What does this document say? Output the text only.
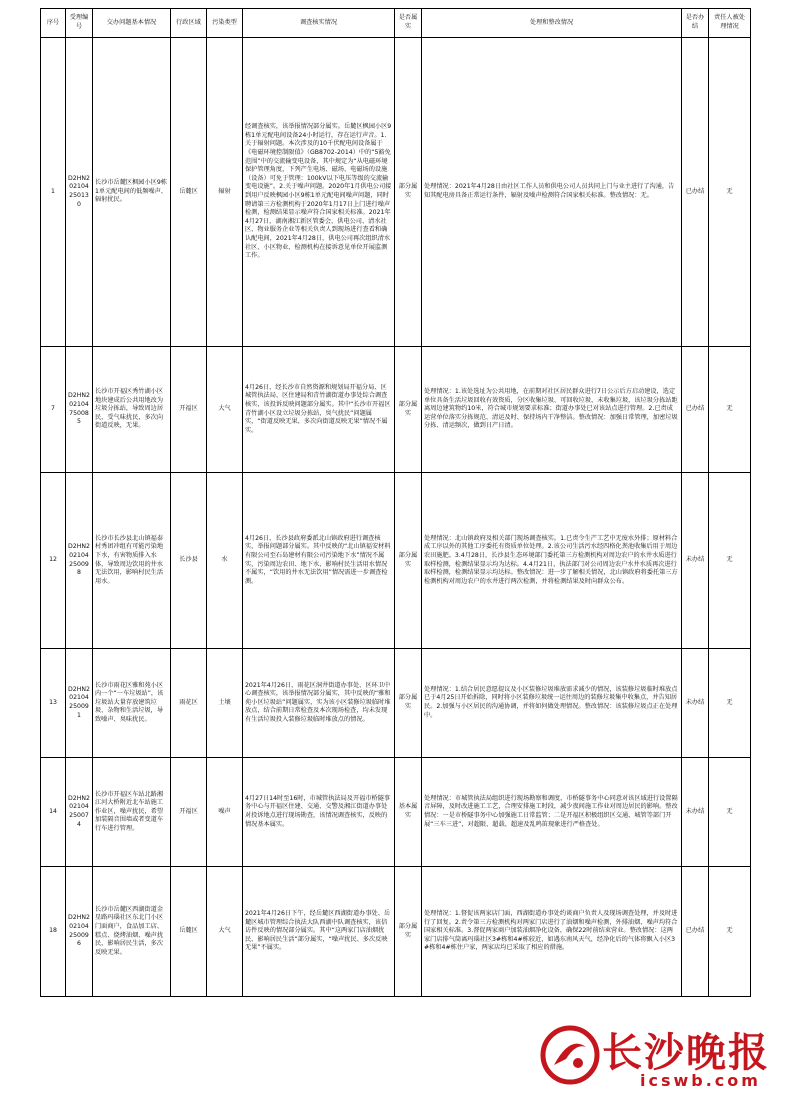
序号	受理编号	交办问题基本情况	行政区域	污染类型	调查核实情况	是否属实	处理和整改情况	是否办结	责任人被处理情况
1	D2HN202104250130	长沙市岳麓区枫园小区9栋1单元配电间的低频噪声、辐射扰民。	岳麓区	辐射	经调查核实，该举报情况部分属实。岳麓区枫园小区9栋1单元配电间设备24小时运行，存在运行声音。1.关于辐射问题。本次涉及的10千伏配电间设备属于《电磁环境控制限值》（GB8702-2014）中的“5豁免范围”中的交流输变电设备，其中规定为“从电磁环境保护管理角度，下列产生电场、磁场、电磁场的设施（设备）可免于管理：100kV以下电压等级的交流输变电设施”。2.关于噪声问题。2020年1月供电公司接到用户反映枫园小区9栋1单元配电间噪声问题，同时聘请第三方检测机构于2020年1月17日上门进行噪声检测，检测结果显示噪声符合国家相关标准。2021年4月27日，湖南湘江新区管委会、供电公司、清水社区、物业服务企业等相关负责人到现场进行查看和确认配电间，2021年4月28日，供电公司再次组织清水社区、小区物业、检测机构在接诉意见单位开展监测工作。	部分属实	处理情况：2021年4月28日由社区工作人员和供电公司人员共同上门与业主进行了沟通，告知其配电房具备正常运行条件，辐射及噪声检测符合国家相关标准。整改情况：无。	已办结	无
7	D2HN202104750085	长沙市开福区秀竹湖小区地块建成后公共用地改为垃圾分拣站，导致周边居民，受气味扰民，多次向街道反映，无果。	开福区	大气	4月26日，经长沙市自然资源和规划局开福分局、区城管执法局、区住建局和青竹湖街道办事处综合调查核实，该投诉反映问题部分属实。其中“长沙市开福区青竹湖小区设立垃圾分拣站，臭气扰民”问题属实，“街道反映无果，多次向街道反映无果”情况不属实。	部分属实	处理情况：1.该处选址为公共用地，在前期对社区居民群众进行7日公示后方启动建设，选定单位具备生活垃圾回收有效资质，分区收集垃圾、可回收垃圾、未收集垃圾，该垃圾分拣站距离周边建筑物约10米，符合城市规划要求标准；街道办事处已对该站点进行管理。2.已责成运营单位落实分拣规范、清运及时、保持场内干净整洁。整改情况：加强日常管理，加密垃圾分拣、清运频次，做到日产日清。	已办结	无
12	D2HN202104250098	长沙市长沙县北山镇福泰村秀团冲组有可能污染地下水，有害物质排入水体，导致周边饮用的井水无法饮用，影响村民生活用水。	长沙县	水	4月26日，长沙县政府委派北山镇政府进行调查核实，举报问题部分属实。其中反映的“北山镇福安材料有限公司至石岛建材有限公司污染地下水”情况不属实，污染周边农田、地下水、影响村民生活用水情况不属实，“饮用的井水无法饮用”情况需进一步调查检测。	部分属实	处理情况：北山镇政府及相关部门现场调查核实。1.已责令生产工艺中无废水外排；原材料合成工序以外的其他工序委托有资质单位处理。2.该公司生活污水经四格化粪池收集后用于周边农田施肥。3.4月28日，长沙县生态环境部门委托第三方检测机构对周边农户的水井水质进行取样检测，检测结果显示均为达标。4.4月21日，执法部门对公司周边农户水井水质再次进行取样检测，检测结果显示均达标。整改情况：进一步了解相关情况，北山镇政府将委托第三方检测机构对周边农户的水井进行两次检测，并将检测结果及时向群众公布。	未办结	无
13	D2HN202104250091	长沙市雨花区雅和苑小区内一个“一车垃圾站”，该垃圾站大量存放建筑垃圾、杂物和生活垃圾，导致噪声、臭味扰民。	雨花区	土壤	2021年4月26日，雨花区洞井街道办事处、区环卫中心调查核实，该举报情况部分属实，其中反映的“雅和苑小区垃圾站”问题属实，实为该小区装修垃圾临时堆放点，结合前期日常检查及本次现场检查，均未发现有生活垃圾投入装修垃圾临时堆放点的情况。	部分属实	处理情况：1.结合居民意愿提议及小区装修垃圾堆放需求减少的情况，该装修垃圾临时堆放点已于4月25日开始拆除，同时将小区装修垃圾统一运往周边的装修垃圾集中收集点，并告知居民。2.加强与小区居民的沟通协调，并将如何做处理情况。整改情况：该装修垃圾点正在处理中。	未办结	无
14	D2HN202104250074	长沙市开福区车站北路湘江河大桥附近北车站施工作业区，噪声扰民，希望加装隔音围墙或者变道车行车进行管理。	开福区	噪声	4月27日14时至16时，市城管执法局及开福市桥隧事务中心与开福区住建、交通、交警及湘江街道办事处对投诉地点进行现场勘查，该情况调查核实，反映的情况基本属实。	基本属实	处理情况：市城管执法局组织进行现场勘察和调度，市桥隧事务中心同意对该区域进行设置隔音屏障，及时改进施工工艺，合理安排施工时段，减少夜间施工作业对周边居民的影响。整改情况：一是市桥隧事务中心加强施工日常监管；二是开福区积极组织区交通、城管等部门开展“三车三进”，对超限、超载、超速及乱鸣笛现象进行严格查处。	未办结	无
18	D2HN202104250096	长沙市岳麓区西湖街道金星路玛瑙社区东北门小区门面商户，食品加工店、糕点、烧烤油烟、噪声扰民，影响居民生活，多次反映无果。	岳麓区	大气	2021年4月26日下午，经岳麓区西湖街道办事处、岳麓区城市管理综合执法大队西湖中队调查核实，该信访件反映的情况部分属实。其中“这两家门店油烟扰民、影响居民生活”部分属实，“噪声扰民、多次反映无果”不属实。	部分属实	处理情况：1.督促该两家店门面，西湖街道办事处约谈商户负责人及现场调查处理，并及时进行了回复。2.责令第三方检测机构对两家门店进行了油烟和噪声检测，外排油烟、噪声均符合国家相关标准。3.督促两家商户加装油烟净化设备，确保22时前结束营业。整改情况：这两家门店排气筒离玛瑙社区3#栋和4#栋较近，如遇东南风天气，经净化后的气体将飘入小区3#栋和4#栋住户家，两家店均已采取了相应的措施。	已办结	无
长沙晚报
icswb.com
